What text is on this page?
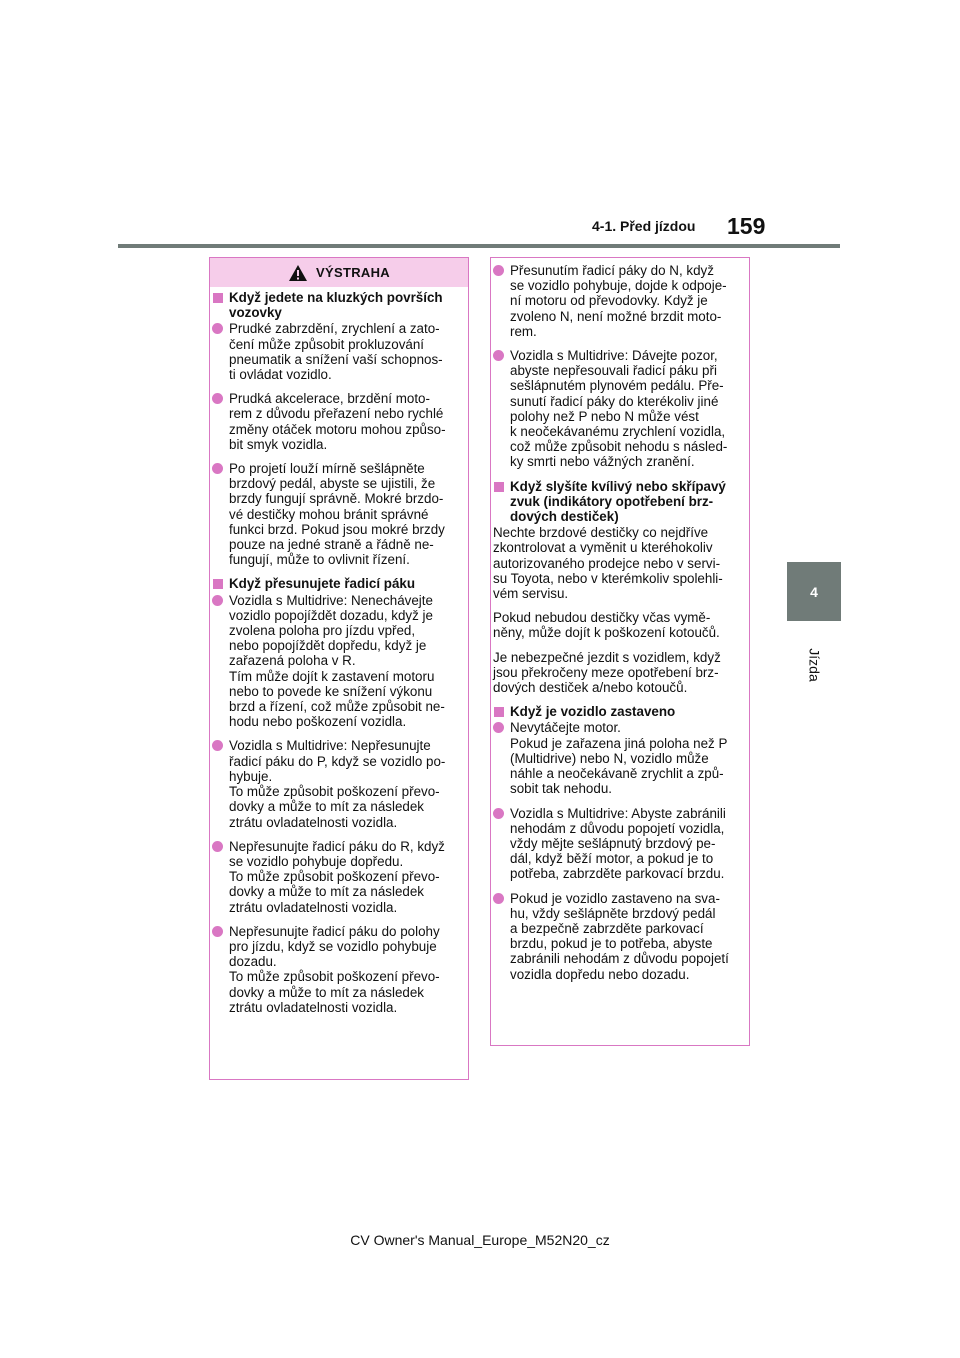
4-1. Před jízdou 159
4
Jízda
VÝSTRAHA
Když jedete na kluzkých površích vozovky
Prudké zabrzdění, zrychlení a zato-
čení může způsobit prokluzování
pneumatik a snížení vaší schopnos-
ti ovládat vozidlo.
Prudká akcelerace, brzdění moto-
rem z důvodu přeřazení nebo rychlé
změny otáček motoru mohou způso-
bit smyk vozidla.
Po projetí louží mírně sešlápněte
brzdový pedál, abyste se ujistili, že
brzdy fungují správně. Mokré brzdo-
vé destičky mohou bránit správné
funkci brzd. Pokud jsou mokré brzdy
pouze na jedné straně a řádně ne-
fungují, může to ovlivnit řízení.
Když přesunujete řadicí páku
Vozidla s Multidrive: Nenechávejte
vozidlo popojíždět dozadu, když je
zvolena poloha pro jízdu vpřed,
nebo popojíždět dopředu, když je
zařazená poloha v R.
Tím může dojít k zastavení motoru
nebo to povede ke snížení výkonu
brzd a řízení, což může způsobit ne-
hodu nebo poškození vozidla.
Vozidla s Multidrive: Nepřesunujte
řadicí páku do P, když se vozidlo po-
hybuje.
To může způsobit poškození převo-
dovky a může to mít za následek
ztrátu ovladatelnosti vozidla.
Nepřesunujte řadicí páku do R, když
se vozidlo pohybuje dopředu.
To může způsobit poškození převo-
dovky a může to mít za následek
ztrátu ovladatelnosti vozidla.
Nepřesunujte řadicí páku do polohy
pro jízdu, když se vozidlo pohybuje
dozadu.
To může způsobit poškození převo-
dovky a může to mít za následek
ztrátu ovladatelnosti vozidla.
Přesunutím řadicí páky do N, když
se vozidlo pohybuje, dojde k odpoje-
ní motoru od převodovky. Když je
zvoleno N, není možné brzdit moto-
rem.
Vozidla s Multidrive: Dávejte pozor,
abyste nepřesouvali řadicí páku při
sešlápnutém plynovém pedálu. Pře-
sunutí řadicí páky do kterékoliv jiné
polohy než P nebo N může vést
k neočekávanému zrychlení vozidla,
což může způsobit nehodu s násled-
ky smrti nebo vážných zranění.
Když slyšíte kvílivý nebo skřípavý zvuk (indikátory opotřebení brz-dových destiček)
Nechte brzdové destičky co nejdříve
zkontrolovat a vyměnit u kteréhokoliv
autorizovaného prodejce nebo v servi-
su Toyota, nebo v kterémkoliv spolehli-
vém servisu.
Pokud nebudou destičky včas vymě-
něny, může dojít k poškození kotoučů.
Je nebezpečné jezdit s vozidlem, když
jsou překročeny meze opotřebení brz-
dových destiček a/nebo kotoučů.
Když je vozidlo zastaveno
Nevytáčejte motor.
Pokud je zařazena jiná poloha než P
(Multidrive) nebo N, vozidlo může
náhle a neočekávaně zrychlit a způ-
sobit tak nehodu.
Vozidla s Multidrive: Abyste zabránili
nehodám z důvodu popojetí vozidla,
vždy mějte sešlápnutý brzdový pe-
dál, když běží motor, a pokud je to
potřeba, zabrzděte parkovací brzdu.
Pokud je vozidlo zastaveno na sva-
hu, vždy sešlápněte brzdový pedál
a bezpečně zabrzděte parkovací
brzdu, pokud je to potřeba, abyste
zabránili nehodám z důvodu popojetí
vozidla dopředu nebo dozadu.
CV Owner's Manual_Europe_M52N20_cz
